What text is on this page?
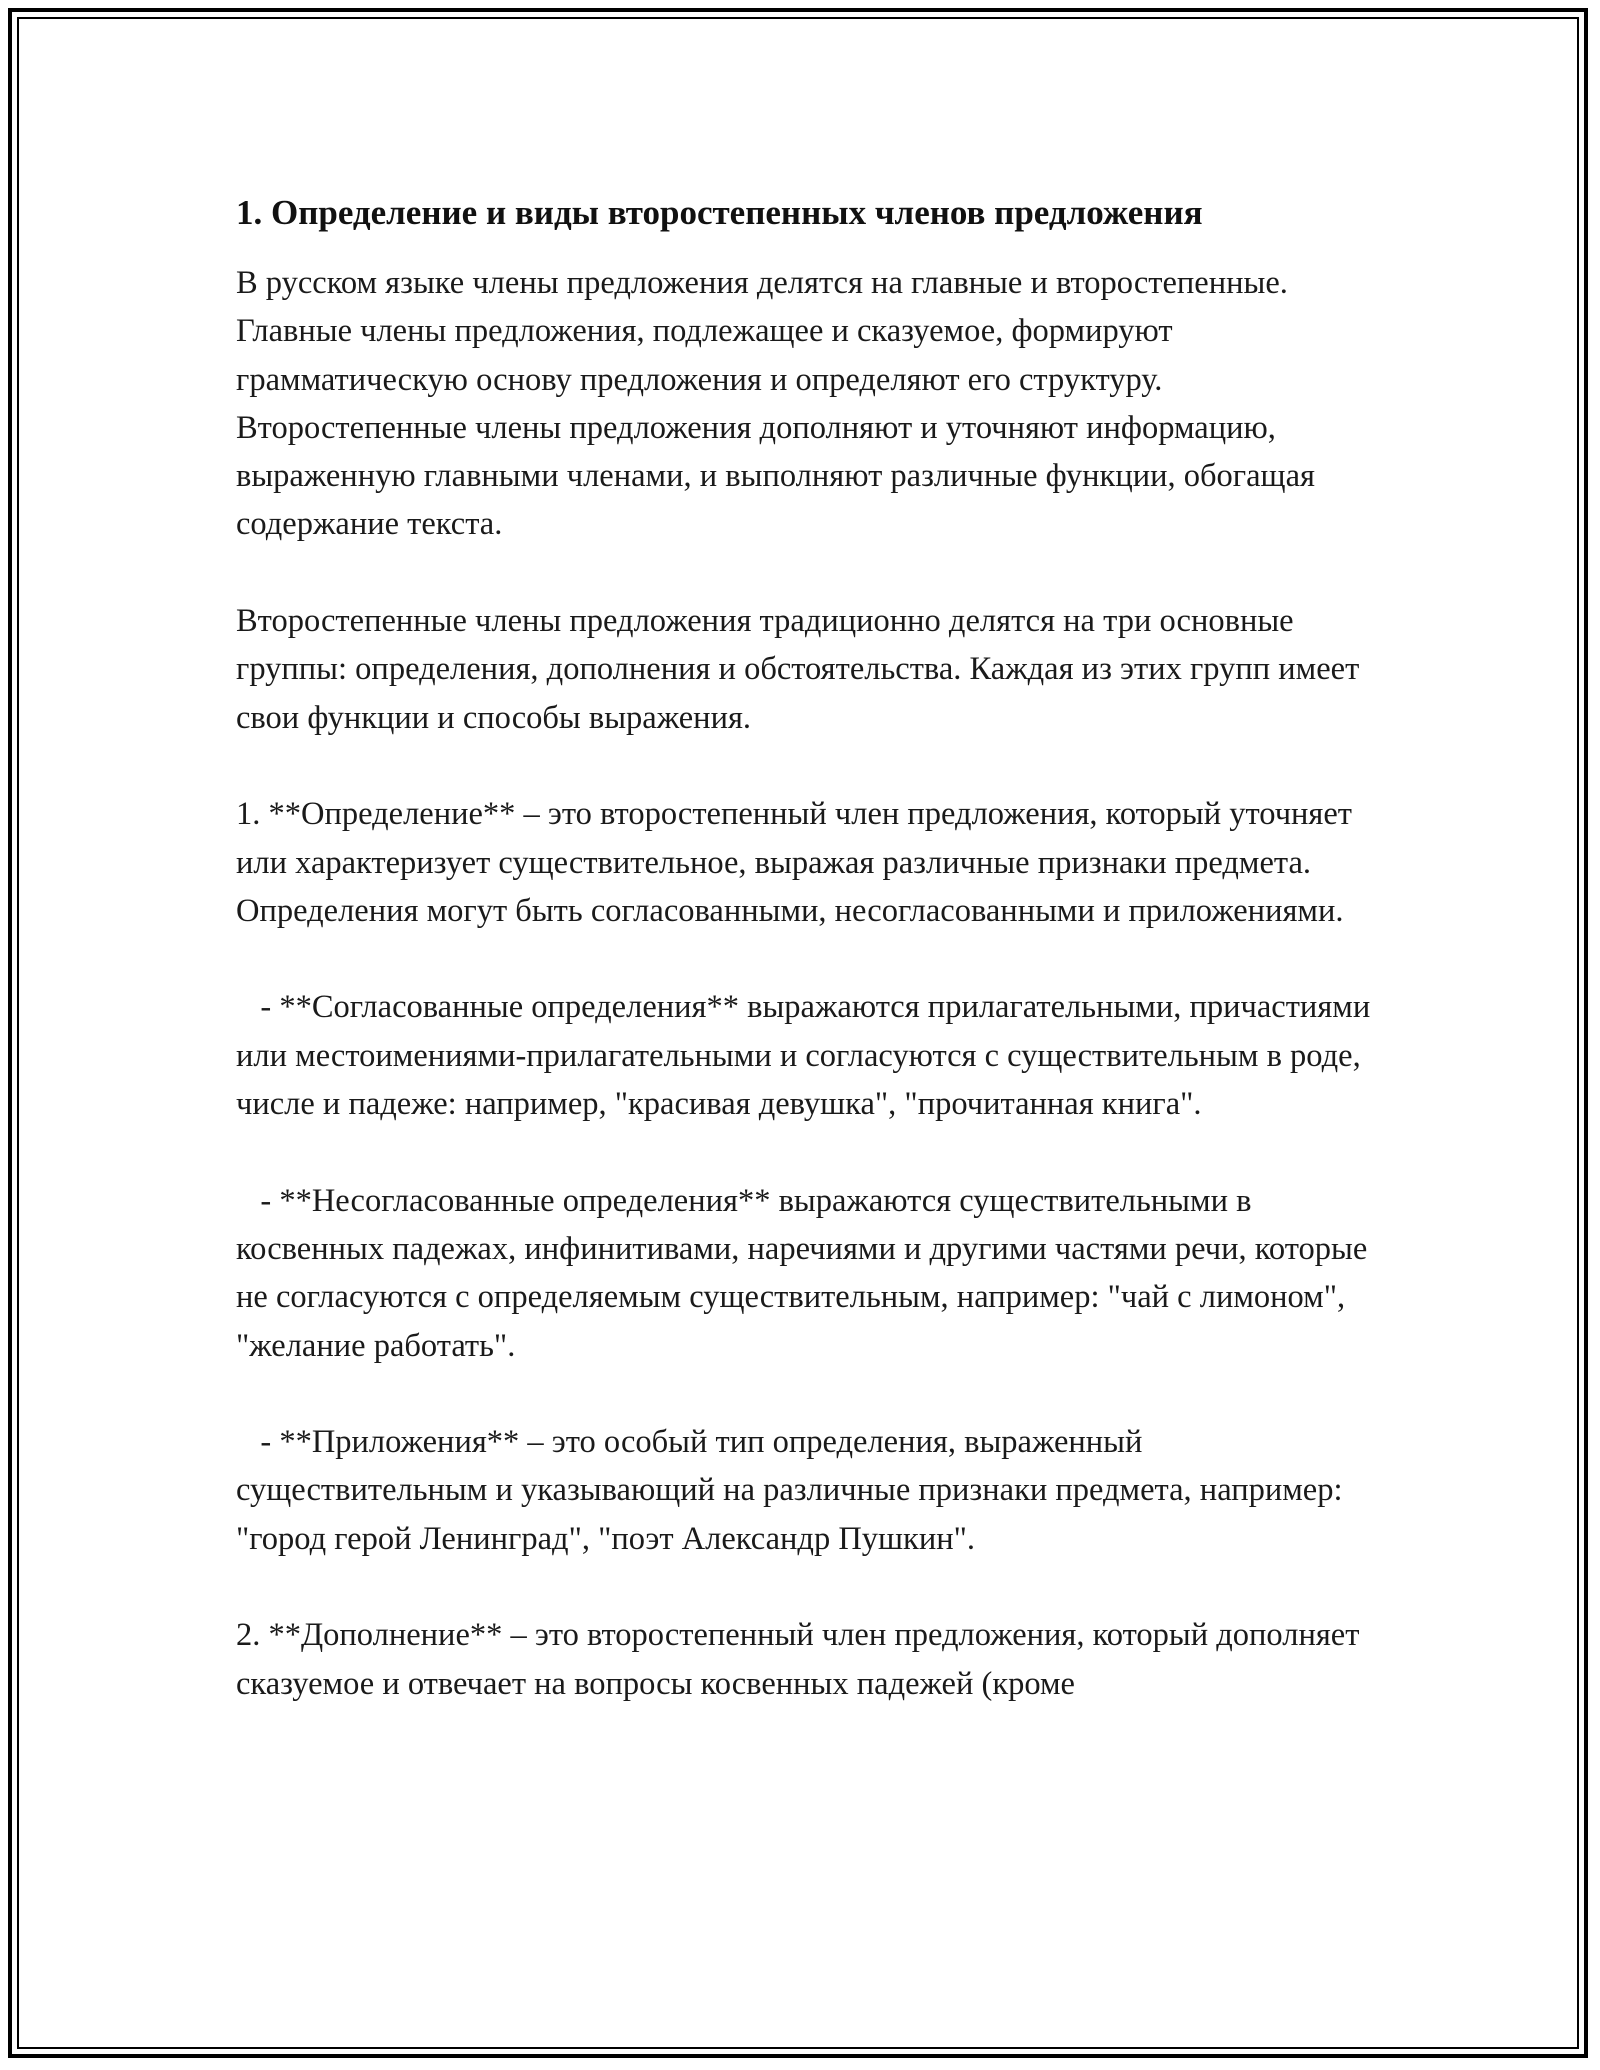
1. Определение и виды второстепенных членов предложения

В русском языке члены предложения делятся на главные и второстепенные. Главные члены предложения, подлежащее и сказуемое, формируют грамматическую основу предложения и определяют его структуру. Второстепенные члены предложения дополняют и уточняют информацию, выраженную главными членами, и выполняют различные функции, обогащая содержание текста.

Второстепенные члены предложения традиционно делятся на три основные группы: определения, дополнения и обстоятельства. Каждая из этих групп имеет свои функции и способы выражения.

1. **Определение** – это второстепенный член предложения, который уточняет или характеризует существительное, выражая различные признаки предмета. Определения могут быть согласованными, несогласованными и приложениями.

- **Согласованные определения** выражаются прилагательными, причастиями или местоимениями-прилагательными и согласуются с существительным в роде, числе и падеже: например, "красивая девушка", "прочитанная книга".

- **Несогласованные определения** выражаются существительными в косвенных падежах, инфинитивами, наречиями и другими частями речи, которые не согласуются с определяемым существительным, например: "чай с лимоном", "желание работать".

- **Приложения** – это особый тип определения, выраженный существительным и указывающий на различные признаки предмета, например: "город герой Ленинград", "поэт Александр Пушкин".

2. **Дополнение** – это второстепенный член предложения, который дополняет сказуемое и отвечает на вопросы косвенных падежей (кроме
